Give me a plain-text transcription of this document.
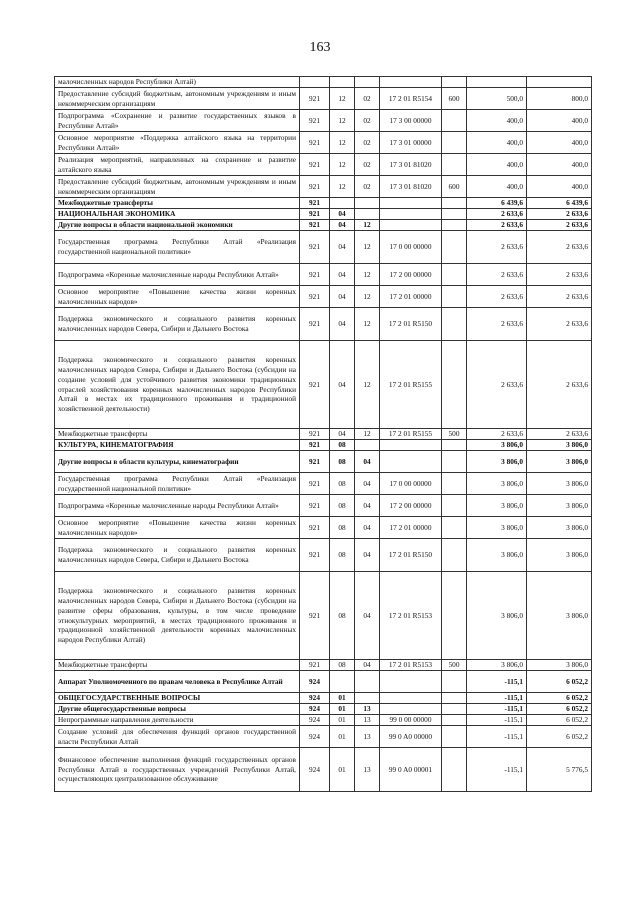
163
малочисленных народов Республики Алтай)							
Предоставление субсидий бюджетным, автономным учреждениям и иным некоммерческим организациям	921	12	02	17 2 01 R5154	600	500,0	800,0
Подпрограмма «Сохранение и развитие государственных языков в Республике Алтай»	921	12	02	17 3 00 00000		400,0	400,0
Основное мероприятие «Поддержка алтайского языка на территории Республики Алтай»	921	12	02	17 3 01 00000		400,0	400,0
Реализация мероприятий, направленных на сохранение и развитие алтайского языка	921	12	02	17 3 01 81020		400,0	400,0
Предоставление субсидий бюджетным, автономным учреждениям и иным некоммерческим организациям	921	12	02	17 3 01 81020	600	400,0	400,0
Межбюджетные трансферты	921					6 439,6	6 439,6
НАЦИОНАЛЬНАЯ ЭКОНОМИКА	921	04				2 633,6	2 633,6
Другие вопросы в области национальной экономики	921	04	12			2 633,6	2 633,6
Государственная программа Республики Алтай «Реализация государственной национальной политики»	921	04	12	17 0 00 00000		2 633,6	2 633,6
Подпрограмма «Коренные малочисленные народы Республики Алтай»	921	04	12	17 2 00 00000		2 633,6	2 633,6
Основное мероприятие «Повышение качества жизни коренных малочисленных народов»	921	04	12	17 2 01 00000		2 633,6	2 633,6
Поддержка экономического и социального развития коренных малочисленных народов Севера, Сибири и Дальнего Востока	921	04	12	17 2 01 R5150		2 633,6	2 633,6
Поддержка экономического и социального развития коренных малочисленных народов Севера, Сибири и Дальнего Востока (субсидии на создание условий для устойчивого развития экономики традиционных отраслей хозяйствования коренных малочисленных народов Республики Алтай в местах их традиционного проживания и традиционной хозяйственной деятельности)	921	04	12	17 2 01 R5155		2 633,6	2 633,6
Межбюджетные трансферты	921	04	12	17 2 01 R5155	500	2 633,6	2 633,6
КУЛЬТУРА, КИНЕМАТОГРАФИЯ	921	08				3 806,0	3 806,0
Другие вопросы в области культуры, кинематографии	921	08	04			3 806,0	3 806,0
Государственная программа Республики Алтай «Реализация государственной национальной политики»	921	08	04	17 0 00 00000		3 806,0	3 806,0
Подпрограмма «Коренные малочисленные народы Республики Алтай»	921	08	04	17 2 00 00000		3 806,0	3 806,0
Основное мероприятие «Повышение качества жизни коренных малочисленных народов»	921	08	04	17 2 01 00000		3 806,0	3 806,0
Поддержка экономического и социального развития коренных малочисленных народов Севера, Сибири и Дальнего Востока	921	08	04	17 2 01 R5150		3 806,0	3 806,0
Поддержка экономического и социального развития коренных малочисленных народов Севера, Сибири и Дальнего Востока (субсидии на развитие сферы образования, культуры, в том числе проведение этнокультурных мероприятий, в местах традиционного проживания и традиционной хозяйственной деятельности коренных малочисленных народов Республики Алтай)	921	08	04	17 2 01 R5153		3 806,0	3 806,0
Межбюджетные трансферты	921	08	04	17 2 01 R5153	500	3 806,0	3 806,0
Аппарат Уполномоченного по правам человека в Республике Алтай	924					-115,1	6 052,2
ОБЩЕГОСУДАРСТВЕННЫЕ ВОПРОСЫ	924	01				-115,1	6 052,2
Другие общегосударственные вопросы	924	01	13			-115,1	6 052,2
Непрограммные направления деятельности	924	01	13	99 0 00 00000		-115,1	6 052,2
Создание условий для обеспечения функций органов государственной власти Республики Алтай	924	01	13	99 0 A0 00000		-115,1	6 052,2
Финансовое обеспечение выполнения функций государственных органов Республики Алтай в государственных учреждений Республики Алтай, осуществляющих централизованное обслуживание	924	01	13	99 0 A0 00001		-115,1	5 776,5
